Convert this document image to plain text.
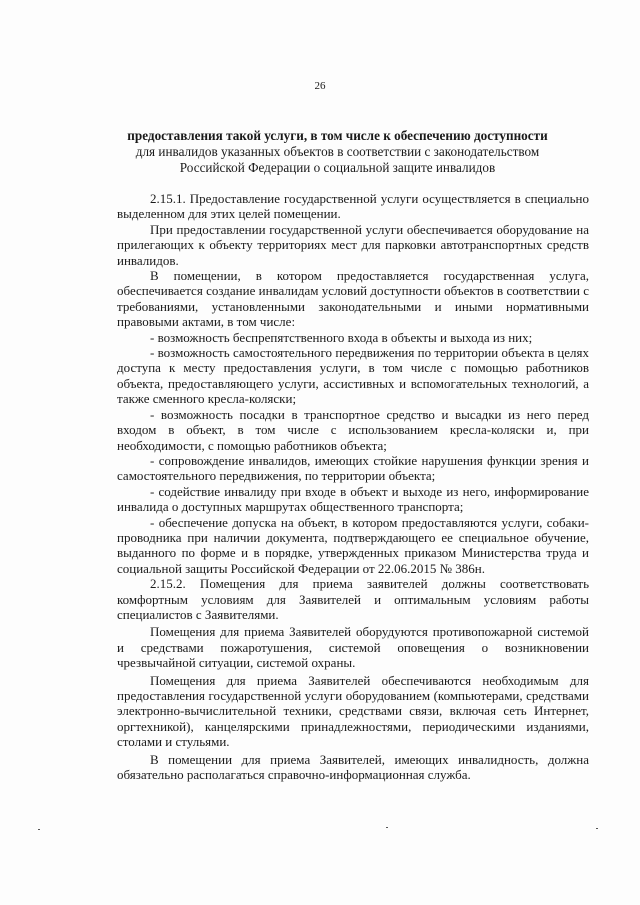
26
предоставления такой услуги, в том числе к обеспечению доступности
для инвалидов указанных объектов в соответствии с законодательством
Российской Федерации о социальной защите инвалидов

2.15.1. Предоставление государственной услуги осуществляется в специально выделенном для этих целей помещении.

При предоставлении государственной услуги обеспечивается оборудование на прилегающих к объекту территориях мест для парковки автотранспортных средств инвалидов.

В помещении, в котором предоставляется государственная услуга, обеспечивается создание инвалидам условий доступности объектов в соответствии с требованиями, установленными законодательными и иными нормативными правовыми актами, в том числе:

- возможность беспрепятственного входа в объекты и выхода из них;

- возможность самостоятельного передвижения по территории объекта в целях доступа к месту предоставления услуги, в том числе с помощью работников объекта, предоставляющего услуги, ассистивных и вспомогательных технологий, а также сменного кресла-коляски;

- возможность посадки в транспортное средство и высадки из него перед входом в объект, в том числе с использованием кресла-коляски и, при необходимости, с помощью работников объекта;

- сопровождение инвалидов, имеющих стойкие нарушения функции зрения и самостоятельного передвижения, по территории объекта;

- содействие инвалиду при входе в объект и выходе из него, информирование инвалида о доступных маршрутах общественного транспорта;

- обеспечение допуска на объект, в котором предоставляются услуги, собаки-проводника при наличии документа, подтверждающего ее специальное обучение, выданного по форме и в порядке, утвержденных приказом Министерства труда и социальной защиты Российской Федерации от 22.06.2015 № 386н.

2.15.2. Помещения для приема заявителей должны соответствовать комфортным условиям для Заявителей и оптимальным условиям работы специалистов с Заявителями.

Помещения для приема Заявителей оборудуются противопожарной системой и средствами пожаротушения, системой оповещения о возникновении чрезвычайной ситуации, системой охраны.

Помещения для приема Заявителей обеспечиваются необходимым для предоставления государственной услуги оборудованием (компьютерами, средствами электронно-вычислительной техники, средствами связи, включая сеть Интернет, оргтехникой), канцелярскими принадлежностями, периодическими изданиями, столами и стульями.

В помещении для приема Заявителей, имеющих инвалидность, должна обязательно располагаться справочно-информационная служба.
